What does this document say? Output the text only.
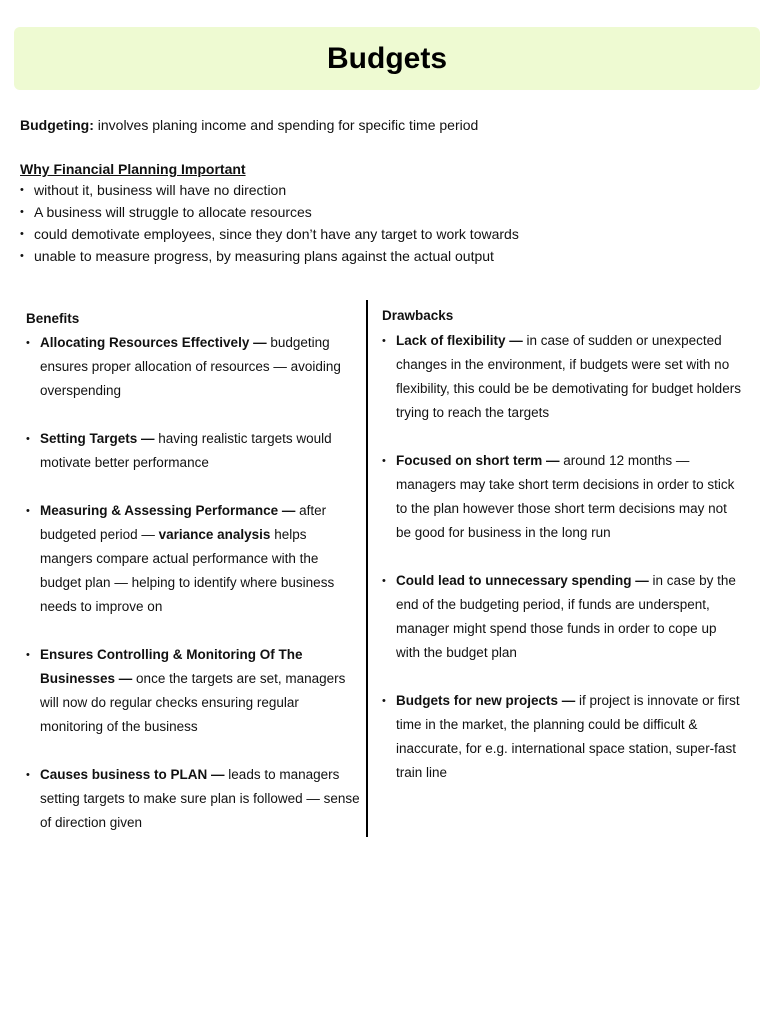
Budgets
Budgeting: involves planing income and spending for specific time period
Why Financial Planning Important
• without it, business will have no direction
• A business will struggle to allocate resources
• could demotivate employees, since they don’t have any target to work towards
• unable to measure progress, by measuring plans against the actual output
Benefits
• Allocating Resources Effectively — budgeting ensures proper allocation of resources — avoiding overspending
• Setting Targets — having realistic targets would motivate better performance
• Measuring & Assessing Performance — after budgeted period — variance analysis helps mangers compare actual performance with the budget plan — helping to identify where business needs to improve on
• Ensures Controlling & Monitoring Of The Businesses — once the targets are set, managers will now do regular checks ensuring regular monitoring of the business
• Causes business to PLAN — leads to managers setting targets to make sure plan is followed — sense of direction given
Drawbacks
• Lack of flexibility — in case of sudden or unexpected changes in the environment, if budgets were set with no flexibility, this could be be demotivating for budget holders trying to reach the targets
• Focused on short term — around 12 months — managers may take short term decisions in order to stick to the plan however those short term decisions may not be good for business in the long run
• Could lead to unnecessary spending — in case by the end of the budgeting period, if funds are underspent, manager might spend those funds in order to cope up with the budget plan
• Budgets for new projects — if project is innovate or first time in the market, the planning could be difficult & inaccurate, for e.g. international space station, super-fast train line
